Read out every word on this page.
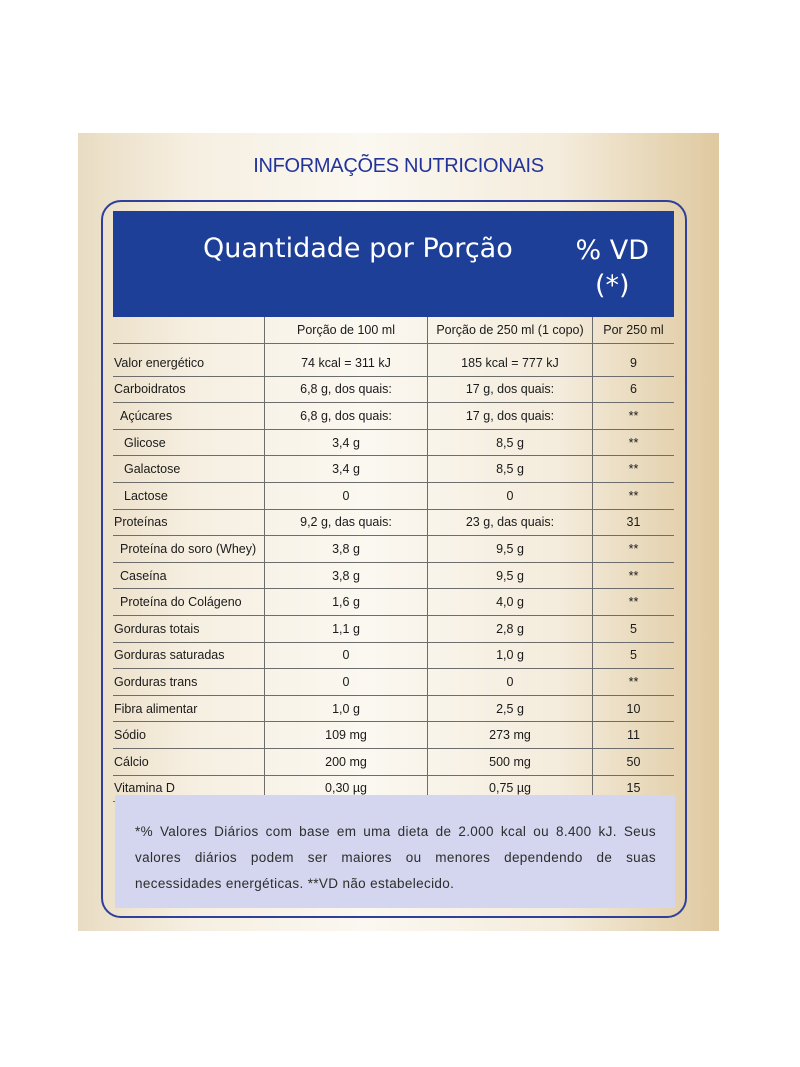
INFORMAÇÕES NUTRICIONAIS
Quantidade por Porção % VD
(*)
	Porção de 100 ml	Porção de 250 ml (1 copo)	Por 250 ml

Valor energético	74 kcal = 311 kJ	185 kcal = 777 kJ	9
Carboidratos	6,8 g, dos quais:	17 g, dos quais:	6
Açúcares	6,8 g, dos quais:	17 g, dos quais:	**
Glicose	3,4 g	8,5 g	**
Galactose	3,4 g	8,5 g	**
Lactose	0	0	**
Proteínas	9,2 g, das quais:	23 g, das quais:	31
Proteína do soro (Whey)	3,8 g	9,5 g	**
Caseína	3,8 g	9,5 g	**
Proteína do Colágeno	1,6 g	4,0 g	**
Gorduras totais	1,1 g	2,8 g	5
Gorduras saturadas	0	1,0 g	5
Gorduras trans	0	0	**
Fibra alimentar	1,0 g	2,5 g	10
Sódio	109 mg	273 mg	11
Cálcio	200 mg	500 mg	50
Vitamina D	0,30 µg	0,75 µg	15
*% Valores Diários com base em uma dieta de 2.000 kcal ou 8.400 kJ. Seus valores diários podem ser maiores ou menores dependendo de suas necessidades energéticas. **VD não estabelecido.
